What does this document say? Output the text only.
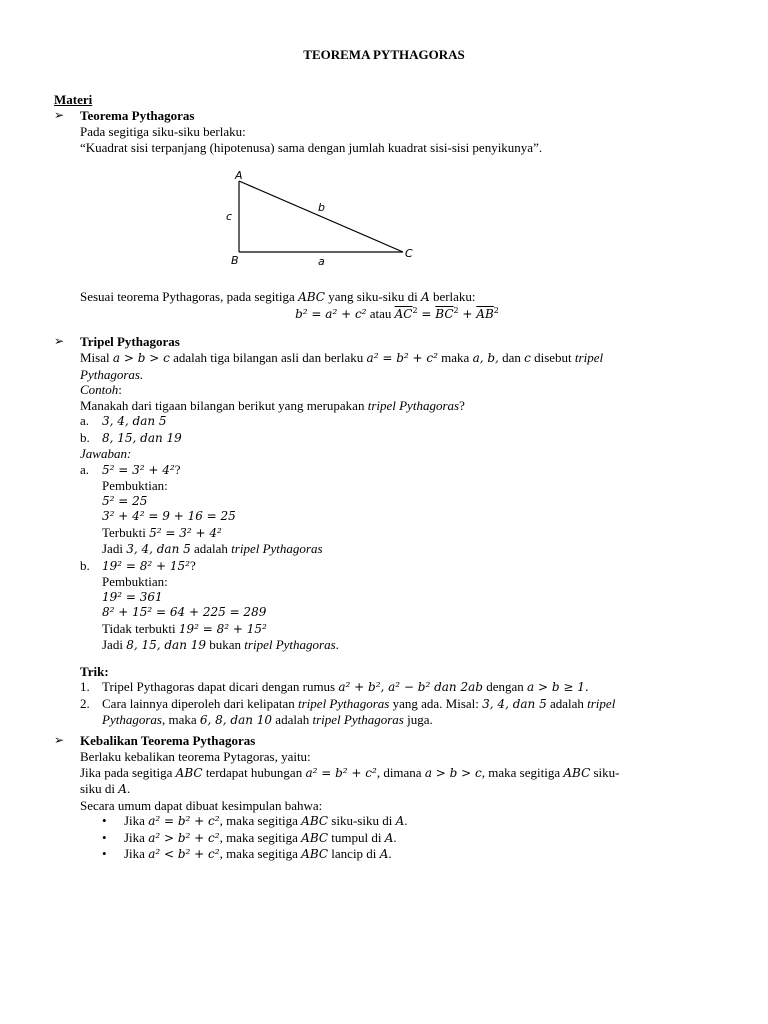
TEOREMA PYTHAGORAS
Materi
➢ Teorema Pythagoras

Pada segitiga siku-siku berlaku:

“Kuadrat sisi terpanjang (hipotenusa) sama dengan jumlah kuadrat sisi-sisi penyikunya”.

A
B
C
a
b
c

Sesuai teorema Pythagoras, pada segitiga ABC yang siku-siku di A berlaku:

b² = a² + c² atau $\overline{AC}^2 = \overline{BC}^2 + \overline{AB}^2$

➢ Tripel Pythagoras

Misal a > b > c adalah tiga bilangan asli dan berlaku a² = b² + c² maka a, b, dan c disebut tripel

Pythagoras.

Contoh:

Manakah dari tigaan bilangan berikut yang merupakan tripel Pythagoras?

a. 3, 4, dan 5

b. 8, 15, dan 19

Jawaban:

a. 5² = 3² + 4²?

Pembuktian:

5² = 25

3² + 4² = 9 + 16 = 25

Terbukti 5² = 3² + 4²

Jadi 3, 4, dan 5 adalah tripel Pythagoras

b. 19² = 8² + 15²?

Pembuktian:

19² = 361

8² + 15² = 64 + 225 = 289

Tidak terbukti 19² = 8² + 15²

Jadi 8, 15, dan 19 bukan tripel Pythagoras.

Trik:

1. Tripel Pythagoras dapat dicari dengan rumus a² + b², a² − b² dan 2ab dengan a > b ≥ 1.

2. Cara lainnya diperoleh dari kelipatan tripel Pythagoras yang ada. Misal: 3, 4, dan 5 adalah tripel
Pythagoras, maka 6, 8, dan 10 adalah tripel Pythagoras juga.

➢ Kebalikan Teorema Pythagoras

Berlaku kebalikan teorema Pytagoras, yaitu:

Jika pada segitiga ABC terdapat hubungan a² = b² + c², dimana a > b > c, maka segitiga ABC siku-

siku di A.

Secara umum dapat dibuat kesimpulan bahwa:

• Jika a² = b² + c², maka segitiga ABC siku-siku di A.

• Jika a² > b² + c², maka segitiga ABC tumpul di A.

• Jika a² < b² + c², maka segitiga ABC lancip di A.
